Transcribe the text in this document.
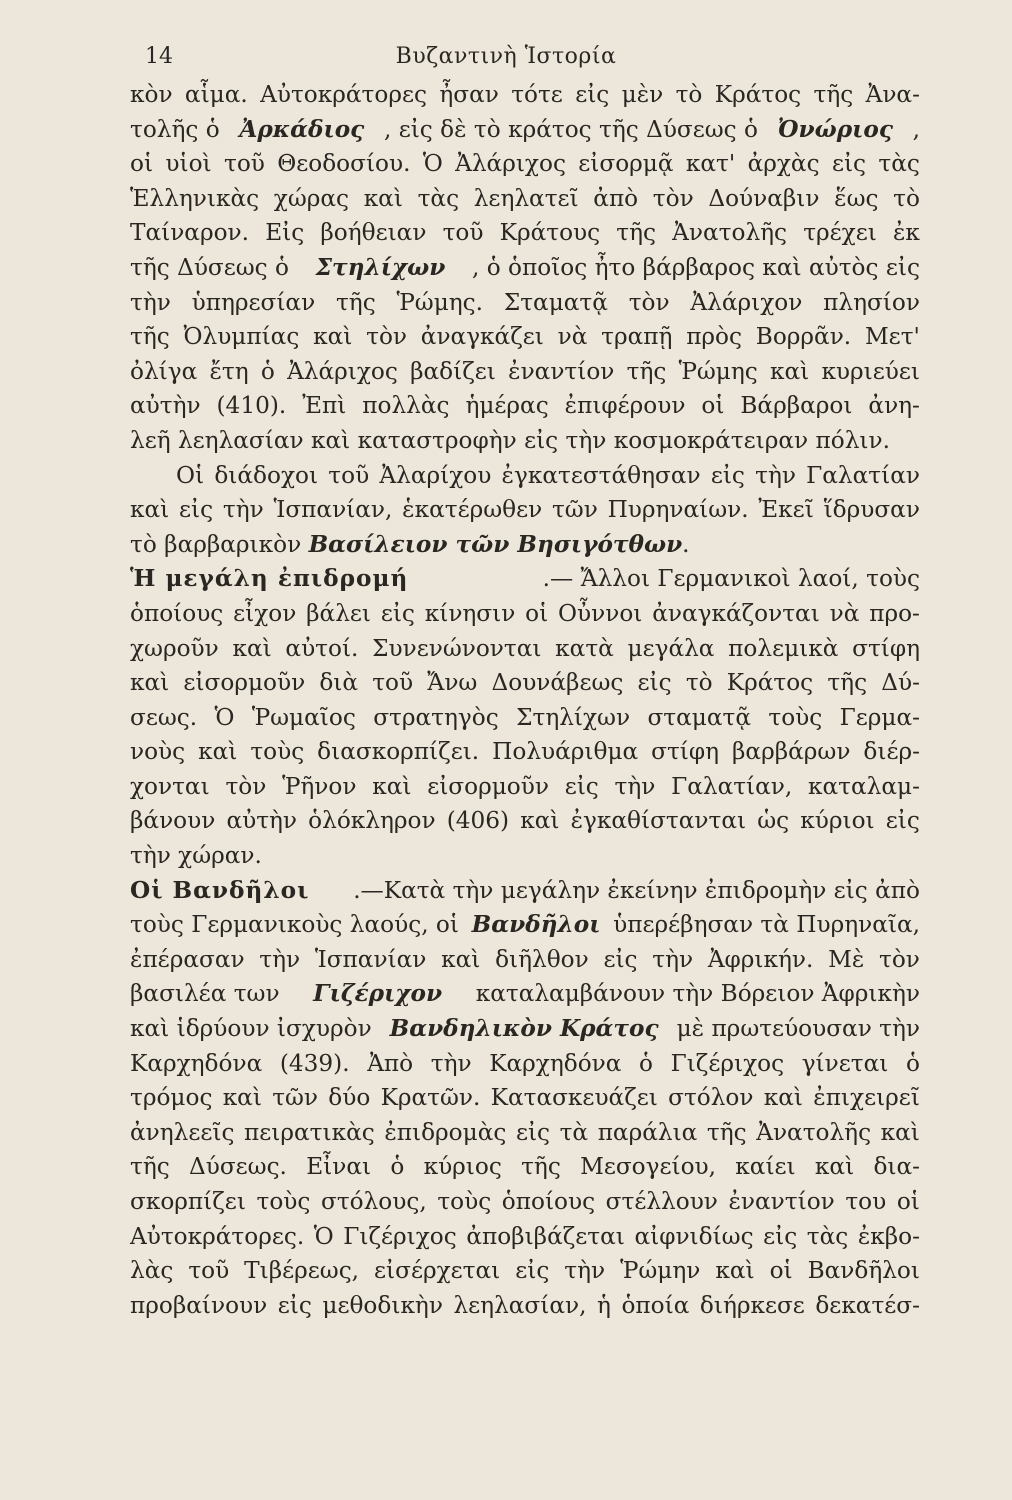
14	Βυζαντινὴ Ἱστορία
κὸν αἷμα. Αὐτοκράτορες ἦσαν τότε εἰς μὲν τὸ Κράτος τῆς Ἀνα-
τολῆς ὁ Ἀρκάδιος , εἰς δὲ τὸ κράτος τῆς Δύσεως ὁ Ὀνώριος ,
οἱ υἱοὶ τοῦ Θεοδοσίου. Ὁ Ἀλάριχος εἰσορμᾷ κατ' ἀρχὰς εἰς τὰς
Ἑλληνικὰς χώρας καὶ τὰς λεηλατεῖ ἀπὸ τὸν Δούναβιν ἕως τὸ
Ταίναρον. Εἰς βοήθειαν τοῦ Κράτους τῆς Ἀνατολῆς τρέχει ἐκ
τῆς Δύσεως ὁ Στηλίχων , ὁ ὁποῖος ἦτο βάρβαρος καὶ αὐτὸς εἰς
τὴν ὑπηρεσίαν τῆς Ῥώμης. Σταματᾷ τὸν Ἀλάριχον πλησίον
τῆς Ὀλυμπίας καὶ τὸν ἀναγκάζει νὰ τραπῇ πρὸς Βορρᾶν. Μετ'
ὀλίγα ἔτη ὁ Ἀλάριχος βαδίζει ἐναντίον τῆς Ῥώμης καὶ κυριεύει
αὐτὴν (410). Ἐπὶ πολλὰς ἡμέρας ἐπιφέρουν οἱ Βάρβαροι ἀνη-
λεῆ λεηλασίαν καὶ καταστροφὴν εἰς τὴν κοσμοκράτειραν πόλιν.
Οἱ διάδοχοι τοῦ Ἀλαρίχου ἐγκατεστάθησαν εἰς τὴν Γαλατίαν
καὶ εἰς τὴν Ἱσπανίαν, ἑκατέρωθεν τῶν Πυρηναίων. Ἐκεῖ ἵδρυσαν
τὸ βαρβαρικὸν
Βασίλειον τῶν Βησιγότθων .
Ἡ μεγάλη ἐπιδρομή	.— Ἄλλοι Γερμανικοὶ λαοί, τοὺς
ὁποίους εἶχον βάλει εἰς κίνησιν οἱ Οὖννοι ἀναγκάζονται νὰ προ-
χωροῦν καὶ αὐτοί. Συνενώνονται κατὰ μεγάλα πολεμικὰ στίφη
καὶ εἰσορμοῦν διὰ τοῦ Ἄνω Δουνάβεως εἰς τὸ Κράτος τῆς Δύ-
σεως. Ὁ Ῥωμαῖος στρατηγὸς Στηλίχων σταματᾷ τοὺς Γερμα-
νοὺς καὶ τοὺς διασκορπίζει. Πολυάριθμα στίφη βαρβάρων διέρ-
χονται τὸν Ῥῆνον καὶ εἰσορμοῦν εἰς τὴν Γαλατίαν, καταλαμ-
βάνουν αὐτὴν ὁλόκληρον (406) καὶ ἐγκαθίστανται ὡς κύριοι εἰς
τὴν χώραν.
Οἱ Βανδῆλοι .—Κατὰ τὴν μεγάλην ἐκείνην ἐπιδρομὴν εἰς ἀπὸ
τοὺς Γερμανικοὺς λαούς, οἱ Βανδῆλοι ὑπερέβησαν τὰ Πυρηναῖα,
ἐπέρασαν τὴν Ἱσπανίαν καὶ διῆλθον εἰς τὴν Ἀφρικήν. Μὲ τὸν
βασιλέα των Γιζέριχον καταλαμβάνουν τὴν Βόρειον Ἀφρικὴν
καὶ ἱδρύουν ἰσχυρὸν Βανδηλικὸν Κράτος μὲ πρωτεύουσαν τὴν
Καρχηδόνα (439). Ἀπὸ τὴν Καρχηδόνα ὁ Γιζέριχος γίνεται ὁ
τρόμος καὶ τῶν δύο Κρατῶν. Κατασκευάζει στόλον καὶ ἐπιχειρεῖ
ἀνηλεεῖς πειρατικὰς ἐπιδρομὰς εἰς τὰ παράλια τῆς Ἀνατολῆς καὶ
τῆς Δύσεως. Εἶναι ὁ κύριος τῆς Μεσογείου, καίει καὶ δια-
σκορπίζει τοὺς στόλους, τοὺς ὁποίους στέλλουν ἐναντίον του οἱ
Αὐτοκράτορες. Ὁ Γιζέριχος ἀποβιβάζεται αἰφνιδίως εἰς τὰς ἐκβο-
λὰς τοῦ Τιβέρεως, εἰσέρχεται εἰς τὴν Ῥώμην καὶ οἱ Βανδῆλοι
προβαίνουν εἰς μεθοδικὴν λεηλασίαν, ἡ ὁποία διήρκεσε δεκατέσ-
